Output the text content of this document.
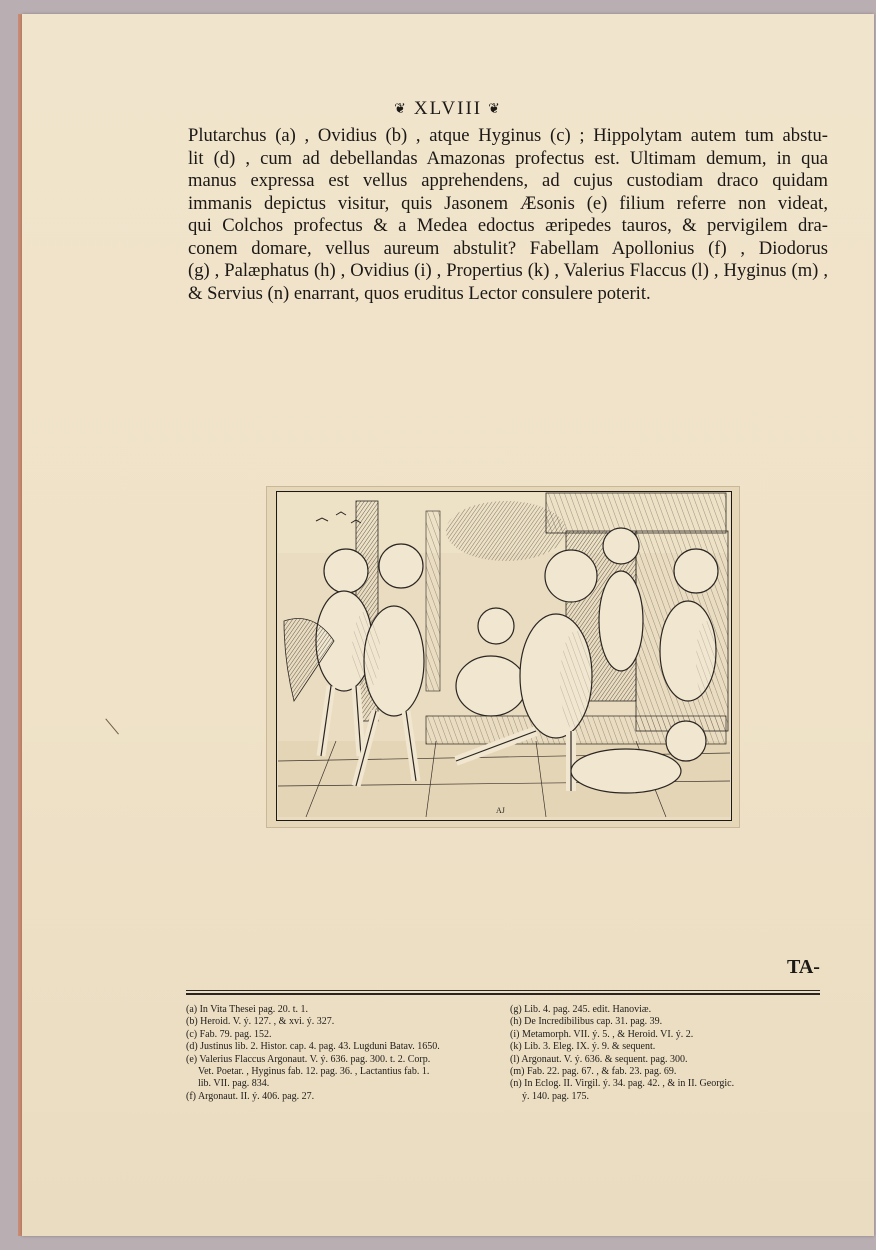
❦ XLVIII ❦
Plutarchus (a) , Ovidius (b) , atque Hyginus (c) ; Hippolytam autem tum abstu-
lit (d) , cum ad debellandas Amazonas profectus est. Ultimam demum, in qua
manus expressa est vellus apprehendens, ad cujus custodiam draco quidam
immanis depictus visitur, quis Jasonem Æsonis (e) filium referre non videat,
qui Colchos profectus & a Medea edoctus æripedes tauros, & pervigilem dra-
conem domare, vellus aureum abstulit? Fabellam Apollonius (f) , Diodorus
(g) , Palæphatus (h) , Ovidius (i) , Propertius (k) , Valerius Flaccus (l) , Hyginus (m) ,
& Servius (n) enarrant, quos eruditus Lector consulere poterit.
AJ
TA-
(a) In Vita Thesei pag. 20. t. 1.
(b) Heroid. V. ý. 127. , & xvi. ý. 327.
(c) Fab. 79. pag. 152.
(d) Justinus lib. 2. Histor. cap. 4. pag. 43. Lugduni Batav. 1650.
(e) Valerius Flaccus Argonaut. V. ý. 636. pag. 300. t. 2. Corp.
Vet. Poetar. , Hyginus fab. 12. pag. 36. , Lactantius fab. 1.
lib. VII. pag. 834.
(f) Argonaut. II. ý. 406. pag. 27.
(g) Lib. 4. pag. 245. edit. Hanoviæ.
(h) De Incredibilibus cap. 31. pag. 39.
(i) Metamorph. VII. ý. 5. , & Heroid. VI. ý. 2.
(k) Lib. 3. Eleg. IX. ý. 9. & sequent.
(l) Argonaut. V. ý. 636. & sequent. pag. 300.
(m) Fab. 22. pag. 67. , & fab. 23. pag. 69.
(n) In Eclog. II. Virgil. ý. 34. pag. 42. , & in II. Georgic.
ý. 140. pag. 175.
